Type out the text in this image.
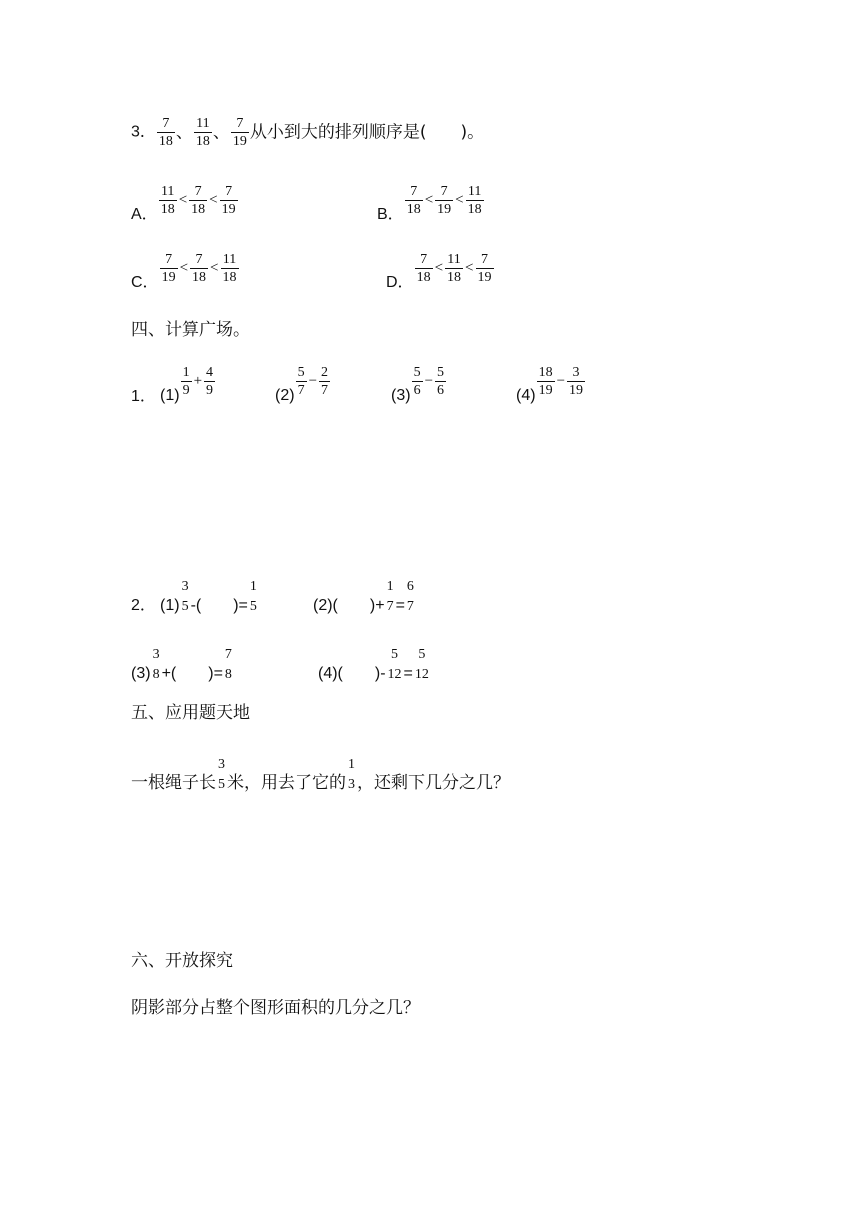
3． $\frac{7}{18}$ 、 $\frac{11}{18}$ 、 $\frac{7}{19}$ 从小到大的排列顺序是(　　)。
A． $\frac{11}{18} < \frac{7}{18} < \frac{7}{19}$	B． $\frac{7}{18} < \frac{7}{19} < \frac{11}{18}$
C． $\frac{7}{19} < \frac{7}{18} < \frac{11}{18}$	D． $\frac{7}{18} < \frac{11}{18} < \frac{7}{19}$
四、计算广场。
1． $(1) \frac{1}{9} + \frac{4}{9}$	$(2) \frac{5}{7} - \frac{2}{7}$	$(3) \frac{5}{6} - \frac{5}{6}$	$(4) \frac{18}{19} - \frac{3}{19}$
2． (1)
3
5 -(　　)=
1
5	(2)(　　)+
1
7 =
6
7
(3)
3
8 +(　　)=
7
8	(4)(　　)-
5
12 =
5
12
五、应用题天地
一根绳子长
3
5 米，用去了它的
1
3 ，还剩下几分之几？
六、开放探究
阴影部分占整个图形面积的几分之几？
